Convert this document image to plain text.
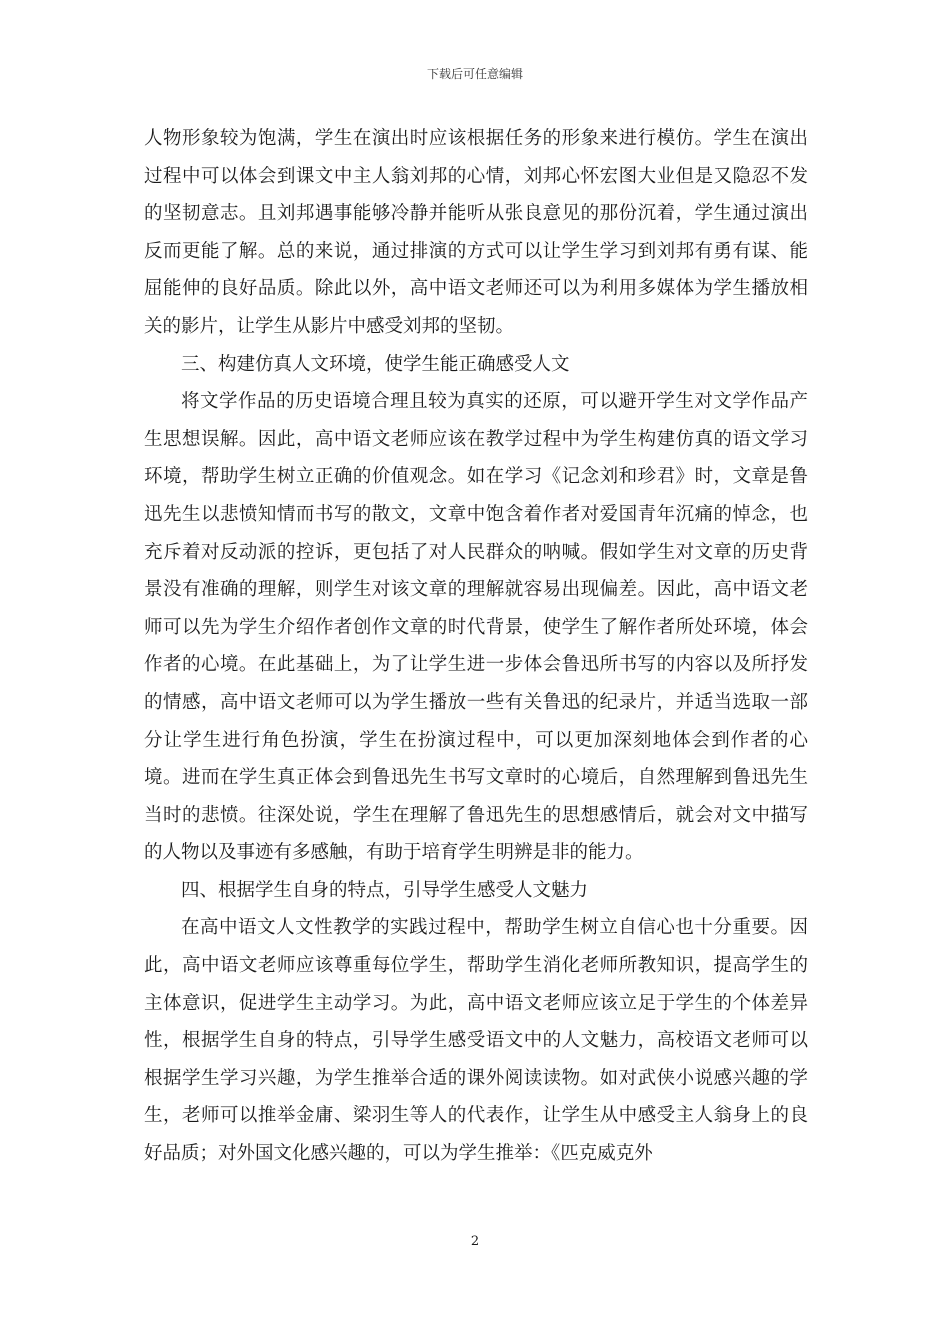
下载后可任意编辑

人物形象较为饱满，学生在演出时应该根据任务的形象来进行模仿。学生在演出过程中可以体会到课文中主人翁刘邦的心情，刘邦心怀宏图大业但是又隐忍不发的坚韧意志。且刘邦遇事能够冷静并能听从张良意见的那份沉着，学生通过演出反而更能了解。总的来说，通过排演的方式可以让学生学习到刘邦有勇有谋、能屈能伸的良好品质。除此以外，高中语文老师还可以为利用多媒体为学生播放相关的影片，让学生从影片中感受刘邦的坚韧。

三、构建仿真人文环境，使学生能正确感受人文

将文学作品的历史语境合理且较为真实的还原，可以避开学生对文学作品产生思想误解。因此，高中语文老师应该在教学过程中为学生构建仿真的语文学习环境，帮助学生树立正确的价值观念。如在学习《记念刘和珍君》时，文章是鲁迅先生以悲愤知情而书写的散文，文章中饱含着作者对爱国青年沉痛的悼念，也充斥着对反动派的控诉，更包括了对人民群众的呐喊。假如学生对文章的历史背景没有准确的理解，则学生对该文章的理解就容易出现偏差。因此，高中语文老师可以先为学生介绍作者创作文章的时代背景，使学生了解作者所处环境，体会作者的心境。在此基础上，为了让学生进一步体会鲁迅所书写的内容以及所抒发的情感，高中语文老师可以为学生播放一些有关鲁迅的纪录片，并适当选取一部分让学生进行角色扮演，学生在扮演过程中，可以更加深刻地体会到作者的心境。进而在学生真正体会到鲁迅先生书写文章时的心境后，自然理解到鲁迅先生当时的悲愤。往深处说，学生在理解了鲁迅先生的思想感情后，就会对文中描写的人物以及事迹有多感触，有助于培育学生明辨是非的能力。

四、根据学生自身的特点，引导学生感受人文魅力

在高中语文人文性教学的实践过程中，帮助学生树立自信心也十分重要。因此，高中语文老师应该尊重每位学生，帮助学生消化老师所教知识，提高学生的主体意识，促进学生主动学习。为此，高中语文老师应该立足于学生的个体差异性，根据学生自身的特点，引导学生感受语文中的人文魅力，高校语文老师可以根据学生学习兴趣，为学生推举合适的课外阅读读物。如对武侠小说感兴趣的学生，老师可以推举金庸、梁羽生等人的代表作，让学生从中感受主人翁身上的良好品质；对外国文化感兴趣的，可以为学生推举：《匹克威克外

2
